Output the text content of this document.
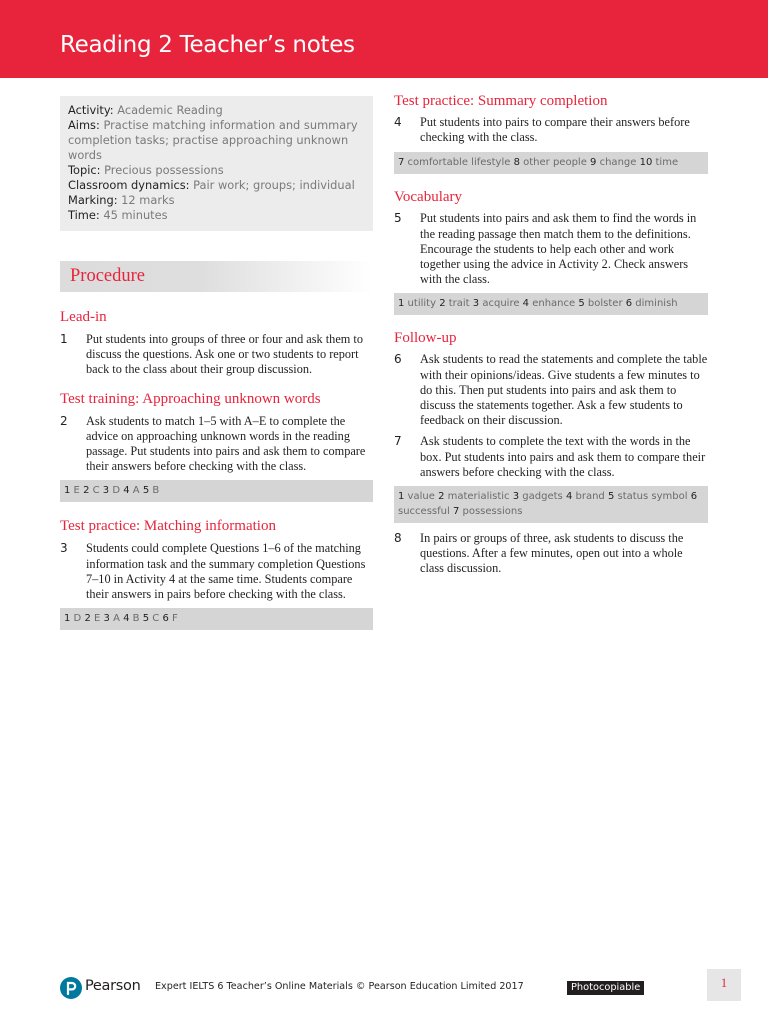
Reading 2 Teacher’s notes

Activity: Academic Reading

Aims: Practise matching information and summary completion tasks; practise approaching unknown words

Topic: Precious possessions

Classroom dynamics: Pair work; groups; individual

Marking: 12 marks

Time: 45 minutes

Procedure
Lead-in
1 Put students into groups of three or four and ask them to discuss the questions. Ask one or two students to report back to the class about their group discussion.
Test training: Approaching unknown words
2 Ask students to match 1–5 with A–E to complete the advice on approaching unknown words in the reading passage. Put students into pairs and ask them to compare their answers before checking with the class.
1 E 2 C 3 D 4 A 5 B
Test practice: Matching information
3 Students could complete Questions 1–6 of the matching information task and the summary completion Questions 7–10 in Activity 4 at the same time. Students compare their answers in pairs before checking with the class.
1 D 2 E 3 A 4 B 5 C 6 F
Test practice: Summary completion
4 Put students into pairs to compare their answers before checking with the class.
7 comfortable lifestyle 8 other people 9 change 10 time
Vocabulary
5 Put students into pairs and ask them to find the words in the reading passage then match them to the definitions. Encourage the students to help each other and work together using the advice in Activity 2. Check answers with the class.
1 utility 2 trait 3 acquire 4 enhance 5 bolster 6 diminish
Follow-up
6 Ask students to read the statements and complete the table with their opinions/ideas. Give students a few minutes to do this. Then put students into pairs and ask them to discuss the statements together. Ask a few students to feedback on their discussion.
7 Ask students to complete the text with the words in the box. Put students into pairs and ask them to compare their answers before checking with the class.
1 value 2 materialistic 3 gadgets 4 brand 5 status symbol 6 successful 7 possessions
8 In pairs or groups of three, ask students to discuss the questions. After a few minutes, open out into a whole class discussion.
Pearson Expert IELTS 6 Teacher’s Online Materials © Pearson Education Limited 2017	Photocopiable	1
